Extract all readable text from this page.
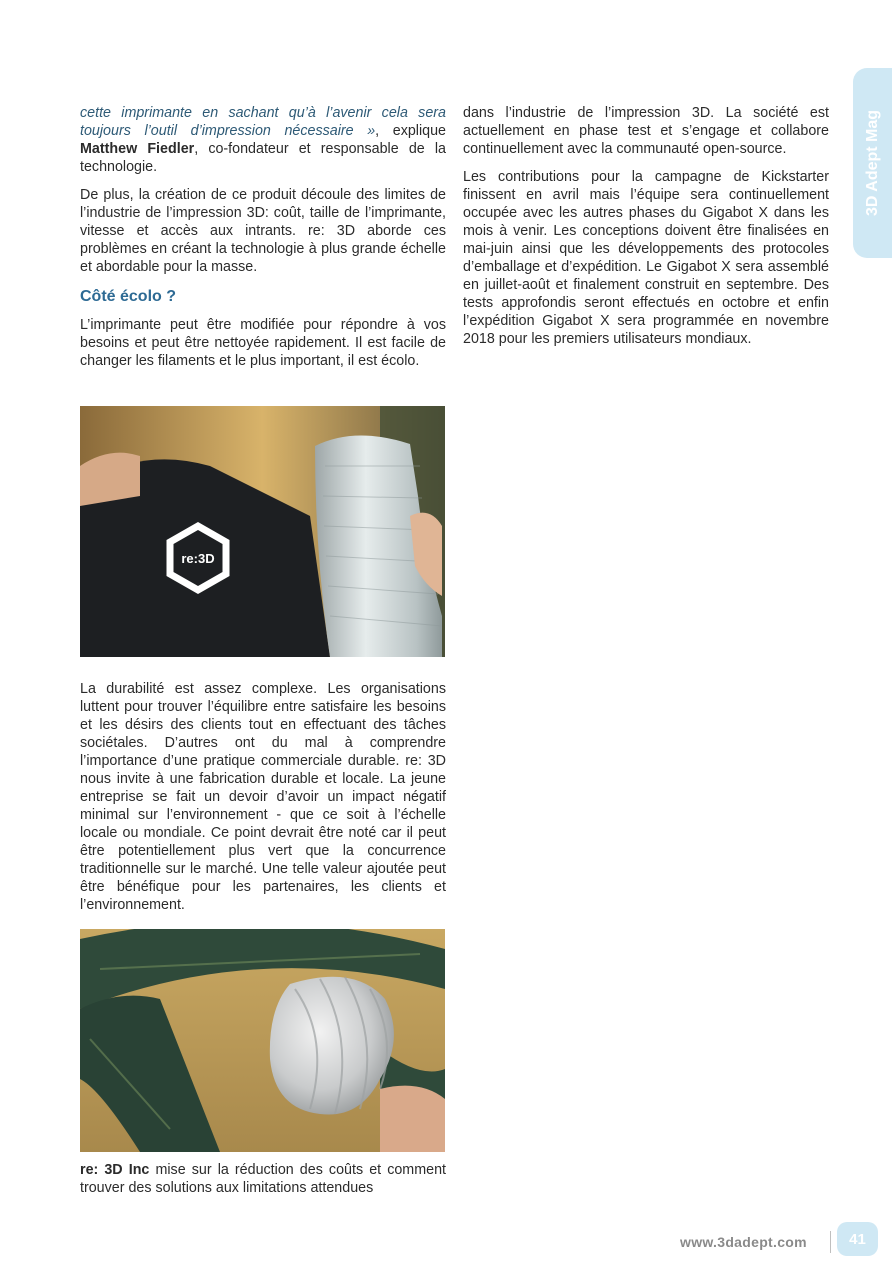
cette imprimante en sachant qu’à l’avenir cela sera toujours l’outil d’impression nécessaire », explique Matthew Fiedler, co-fondateur et responsable de la technologie.

De plus, la création de ce produit découle des limites de l’industrie de l’impression 3D: coût, taille de l’imprimante, vitesse et accès aux intrants. re: 3D aborde ces problèmes en créant la technologie à plus grande échelle et abordable pour la masse.

Côté écolo ?

L’imprimante peut être modifiée pour répondre à vos besoins et peut être nettoyée rapidement. Il est facile de changer les filaments et le plus important, il est écolo.

re:3D

La durabilité est assez complexe. Les organisations luttent pour trouver l’équilibre entre satisfaire les besoins et les désirs des clients tout en effectuant des tâches sociétales. D’autres ont du mal à comprendre l’importance d’une pratique commerciale durable. re: 3D nous invite à une fabrication durable et locale. La jeune entreprise se fait un devoir d’avoir un impact négatif minimal sur l’environnement - que ce soit à l’échelle locale ou mondiale. Ce point devrait être noté car il peut être potentiellement plus vert que la concurrence traditionnelle sur le marché. Une telle valeur ajoutée peut être bénéfique pour les partenaires, les clients et l’environnement.

re: 3D Inc mise sur la réduction des coûts et comment trouver des solutions aux limitations attendues

dans l’industrie de l’impression 3D. La société est actuellement en phase test et s’engage et collabore continuellement avec la communauté open-source.

Les contributions pour la campagne de Kickstarter finissent en avril mais l’équipe sera continuellement occupée avec les autres phases du Gigabot X dans les mois à venir. Les conceptions doivent être finalisées en mai-juin ainsi que les développements des protocoles d’emballage et d’expédition. Le Gigabot X sera assemblé en juillet-août et finalement construit en septembre. Des tests approfondis seront effectués en octobre et enfin l’expédition Gigabot X sera programmée en novembre 2018 pour les premiers utilisateurs mondiaux.

3D Adept Mag
www.3dadept.com	41
